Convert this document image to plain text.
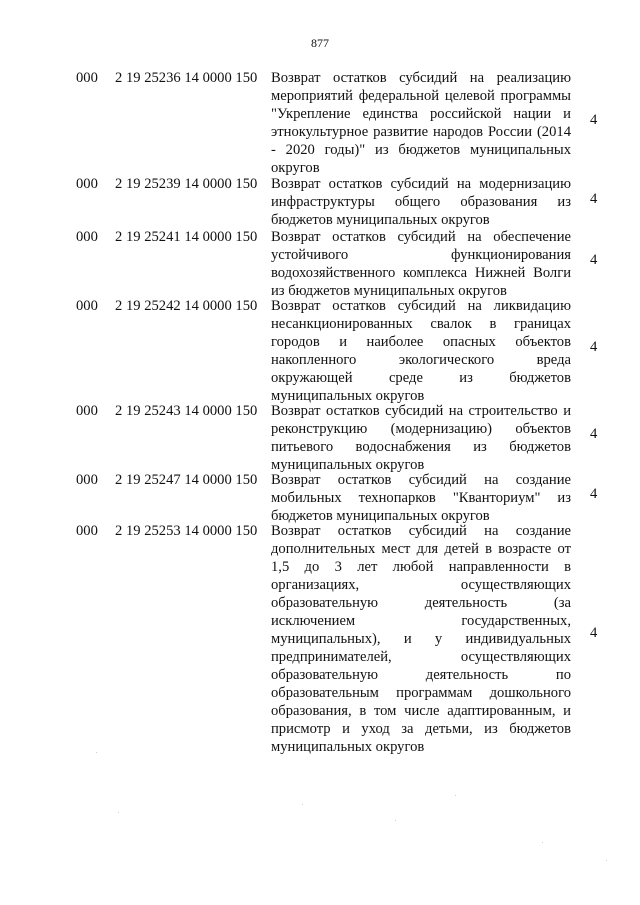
877
000 2 19 25236 14 0000 150 Возврат остатков субсидий на реализацию мероприятий федеральной целевой программы "Укрепление единства российской нации и этнокультурное развитие народов России (2014 - 2020 годы)" из бюджетов муниципальных округов
4
000 2 19 25239 14 0000 150 Возврат остатков субсидий на модернизацию инфраструктуры общего образования из бюджетов муниципальных округов
4
000 2 19 25241 14 0000 150 Возврат остатков субсидий на обеспечение устойчивого функционирования водохозяйственного комплекса Нижней Волги из бюджетов муниципальных округов
4
000 2 19 25242 14 0000 150 Возврат остатков субсидий на ликвидацию несанкционированных свалок в границах городов и наиболее опасных объектов накопленного экологического вреда окружающей среде из бюджетов муниципальных округов
4
000 2 19 25243 14 0000 150 Возврат остатков субсидий на строительство и реконструкцию (модернизацию) объектов питьевого водоснабжения из бюджетов муниципальных округов
4
000 2 19 25247 14 0000 150 Возврат остатков субсидий на создание мобильных технопарков "Кванториум" из бюджетов муниципальных округов
4
000 2 19 25253 14 0000 150 Возврат остатков субсидий на создание дополнительных мест для детей в возрасте от 1,5 до 3 лет любой направленности в организациях, осуществляющих образовательную деятельность (за исключением государственных, муниципальных), и у индивидуальных предпринимателей, осуществляющих образовательную деятельность по образовательным программам дошкольного образования, в том числе адаптированным, и присмотр и уход за детьми, из бюджетов муниципальных округов
4
